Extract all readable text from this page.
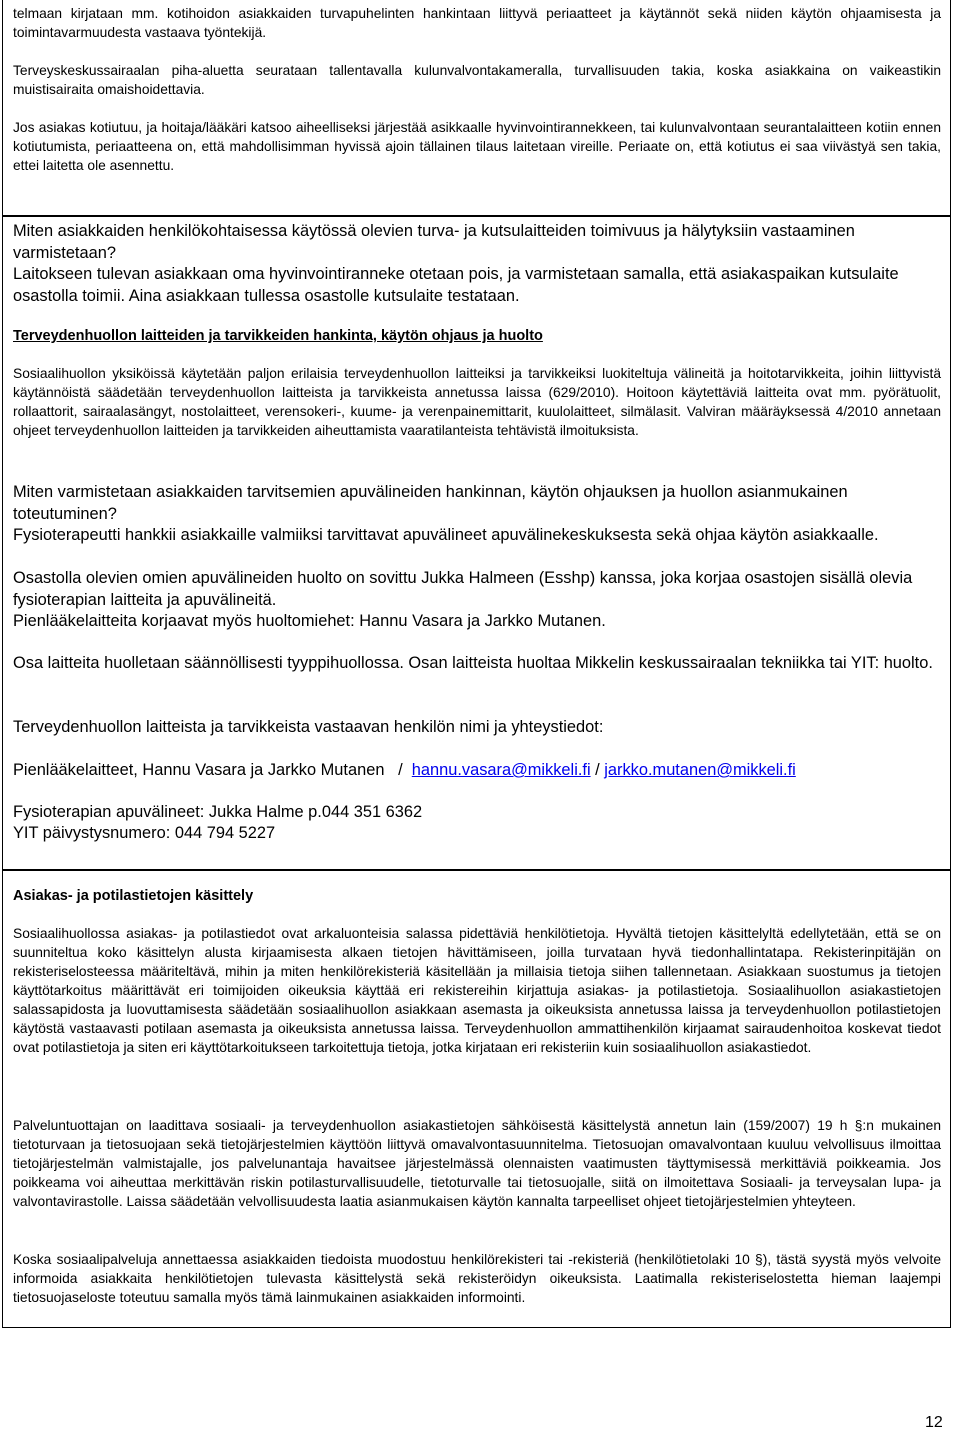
telmaan kirjataan mm. kotihoidon asiakkaiden turvapuhelinten hankintaan liittyvä periaatteet ja käytännöt sekä niiden käytön ohjaamisesta ja toimintavarmuudesta vastaava työntekijä.

Terveyskeskussairaalan piha-aluetta seurataan tallentavalla kulunvalvontakameralla, turvallisuuden takia, koska asiakkaina on vaikeastikin muistisairaita omaishoidettavia.

Jos asiakas kotiutuu, ja hoitaja/lääkäri katsoo aiheelliseksi järjestää asikkaalle hyvinvointirannekkeen, tai kulunvalvontaan seurantalaitteen kotiin ennen kotiutumista, periaatteena on, että mahdollisimman hyvissä ajoin tällainen tilaus laitetaan vireille. Periaate on, että kotiutus ei saa viivästyä sen takia, ettei laitetta ole asennettu.

Miten asiakkaiden henkilökohtaisessa käytössä olevien turva- ja kutsulaitteiden toimivuus ja hälytyksiin vastaaminen varmistetaan?

Laitokseen tulevan asiakkaan oma hyvinvointiranneke otetaan pois, ja varmistetaan samalla, että asiakaspaikan kutsulaite osastolla toimii. Aina asiakkaan tullessa osastolle kutsulaite testataan.

Terveydenhuollon laitteiden ja tarvikkeiden hankinta, käytön ohjaus ja huolto

Sosiaalihuollon yksiköissä käytetään paljon erilaisia terveydenhuollon laitteiksi ja tarvikkeiksi luokiteltuja välineitä ja hoitotarvikkeita, joihin liittyvistä käytännöistä säädetään terveydenhuollon laitteista ja tarvikkeista annetussa laissa (629/2010). Hoitoon käytettäviä laitteita ovat mm. pyörätuolit, rollaattorit, sairaalasängyt, nostolaitteet, verensokeri-, kuume- ja verenpainemittarit, kuulolaitteet, silmälasit. Valviran määräyksessä 4/2010 annetaan ohjeet terveydenhuollon laitteiden ja tarvikkeiden aiheuttamista vaaratilanteista tehtävistä ilmoituksista.

Miten varmistetaan asiakkaiden tarvitsemien apuvälineiden hankinnan, käytön ohjauksen ja huollon asianmukainen toteutuminen?

Fysioterapeutti hankkii asiakkaille valmiiksi tarvittavat apuvälineet apuvälinekeskuksesta sekä ohjaa käytön asiakkaalle.

Osastolla olevien omien apuvälineiden huolto on sovittu Jukka Halmeen (Esshp) kanssa, joka korjaa osastojen sisällä olevia fysioterapian laitteita ja apuvälineitä.

Pienlääkelaitteita korjaavat myös huoltomiehet: Hannu Vasara ja Jarkko Mutanen.

Osa laitteita huolletaan säännöllisesti tyyppihuollossa. Osan laitteista huoltaa Mikkelin keskussairaalan tekniikka tai YIT: huolto.

Terveydenhuollon laitteista ja tarvikkeista vastaavan henkilön nimi ja yhteystiedot:

Pienlääkelaitteet, Hannu Vasara ja Jarkko Mutanen   /  hannu.vasara@mikkeli.fi / jarkko.mutanen@mikkeli.fi

Fysioterapian apuvälineet: Jukka Halme p.044 351 6362

YIT päivystysnumero: 044 794 5227

Asiakas- ja potilastietojen käsittely

Sosiaalihuollossa asiakas- ja potilastiedot ovat arkaluonteisia salassa pidettäviä henkilötietoja. Hyvältä tietojen käsittelyltä edellytetään, että se on suunniteltua koko käsittelyn alusta kirjaamisesta alkaen tietojen hävittämiseen, joilla turvataan hyvä tiedonhallintatapa. Rekisterinpitäjän on rekisteriselosteessa määriteltävä, mihin ja miten henkilörekisteriä käsitellään ja millaisia tietoja siihen tallennetaan. Asiakkaan suostumus ja tietojen käyttötarkoitus määrittävät eri toimijoiden oikeuksia käyttää eri rekistereihin kirjattuja asiakas- ja potilastietoja. Sosiaalihuollon asiakastietojen salassapidosta ja luovuttamisesta säädetään sosiaalihuollon asiakkaan asemasta ja oikeuksista annetussa laissa ja terveydenhuollon potilastietojen käytöstä vastaavasti potilaan asemasta ja oikeuksista annetussa laissa. Terveydenhuollon ammattihenkilön kirjaamat sairaudenhoitoa koskevat tiedot ovat potilastietoja ja siten eri käyttötarkoitukseen tarkoitettuja tietoja, jotka kirjataan eri rekisteriin kuin sosiaalihuollon asiakastiedot.

Palveluntuottajan on laadittava sosiaali- ja terveydenhuollon asiakastietojen sähköisestä käsittelystä annetun lain (159/2007) 19 h §:n mukainen tietoturvaan ja tietosuojaan sekä tietojärjestelmien käyttöön liittyvä omavalvontasuunnitelma. Tietosuojan omavalvontaan kuuluu velvollisuus ilmoittaa tietojärjestelmän valmistajalle, jos palvelunantaja havaitsee järjestelmässä olennaisten vaatimusten täyttymisessä merkittäviä poikkeamia. Jos poikkeama voi aiheuttaa merkittävän riskin potilasturvallisuudelle, tietoturvalle tai tietosuojalle, siitä on ilmoitettava Sosiaali- ja terveysalan lupa- ja valvontavirastolle. Laissa säädetään velvollisuudesta laatia asianmukaisen käytön kannalta tarpeelliset ohjeet tietojärjestelmien yhteyteen.

Koska sosiaalipalveluja annettaessa asiakkaiden tiedoista muodostuu henkilörekisteri tai -rekisteriä (henkilötietolaki 10 §), tästä syystä myös velvoite informoida asiakkaita henkilötietojen tulevasta käsittelystä sekä rekisteröidyn oikeuksista. Laatimalla rekisteriselostetta hieman laajempi tietosuojaseloste toteutuu samalla myös tämä lainmukainen asiakkaiden informointi.

12
